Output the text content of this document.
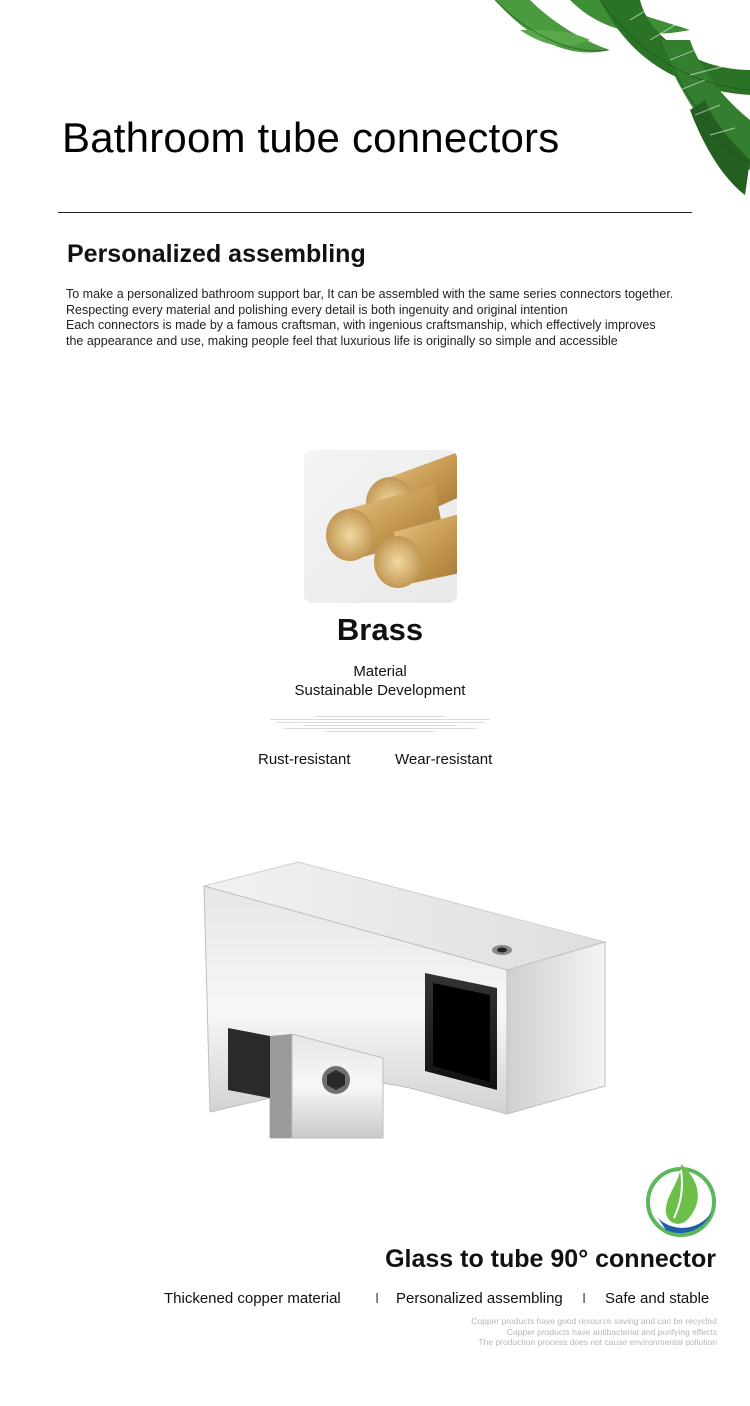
Bathroom tube connectors
Personalized assembling

To make a personalized bathroom support bar, It can be assembled with the same series connectors together.

Respecting every material and polishing every detail is both ingenuity and original intention

Each connectors is made by a famous craftsman, with ingenious craftsmanship, which effectively improves

the appearance and use, making people feel that luxurious life is originally so simple and accessible

Brass
Material
Sustainable Development
Rust-resistant	Wear-resistant
Glass to tube 90° connector
Thickened copper material I Personalized assembling I Safe and stable
Copper products have good resource saving and can be recycled
Copper products have antibacterial and purifying effects
The production process does not cause environmental pollution
